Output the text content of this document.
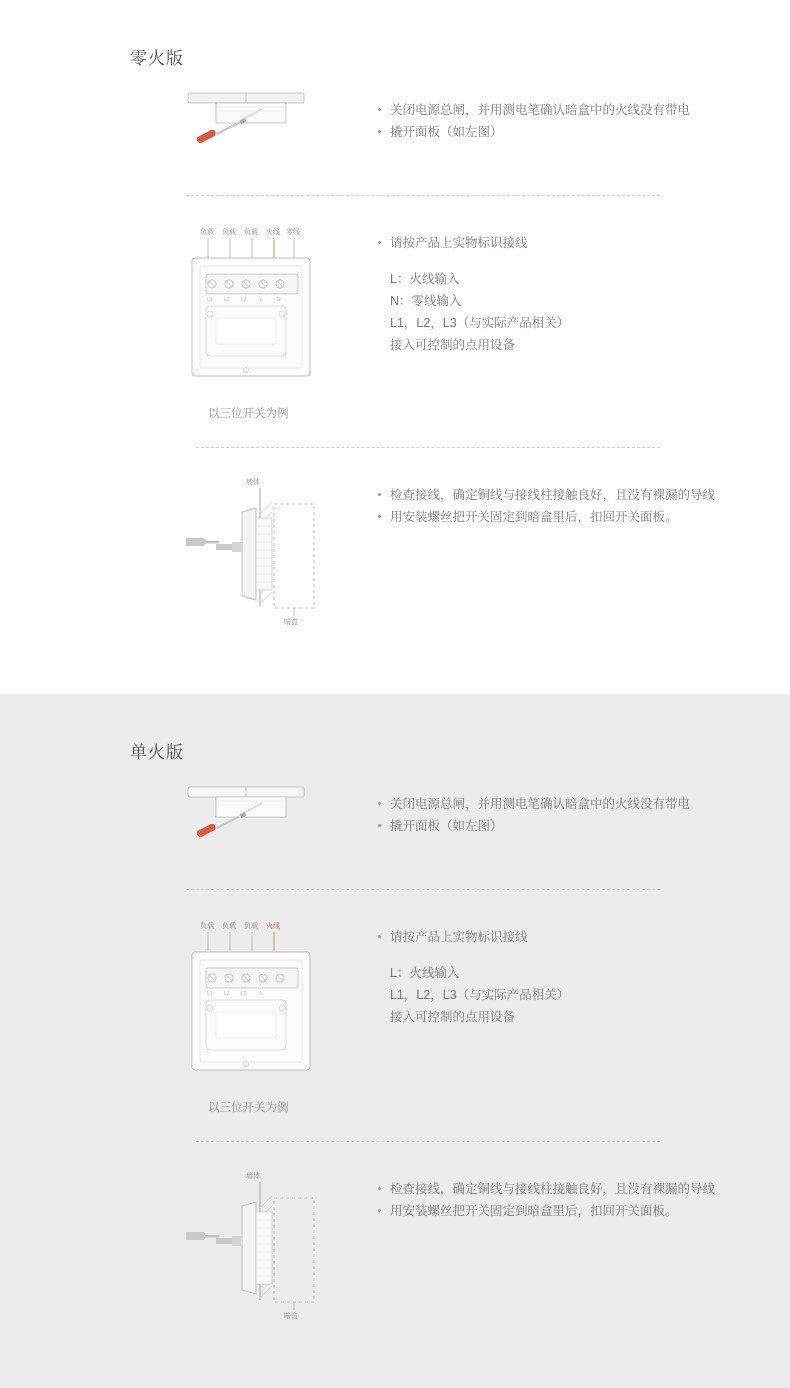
零火版
关闭电源总闸，并用测电笔确认暗盒中的火线没有带电
撬开面板（如左图）
负载 负载 负载 火线 零线
L1 L2 L3	L	N
以三位开关为例
请按产品上实物标识接线
L：火线输入
N：零线输入
L1，L2，L3（与实际产品相关）
接入可控制的点用设备
墙体
暗盒
检查接线，确定铜线与接线柱接触良好，且没有裸漏的导线
用安装螺丝把开关固定到暗盒里后，扣回开关面板。
单火版
关闭电源总闸，并用测电笔确认暗盒中的火线没有带电
撬开面板（如左图）
负载 负载 负载 火线
L1 L2 L3	L
以三位开关为例
请按产品上实物标识接线
L：火线输入
L1，L2，L3（与实际产品相关）
接入可控制的点用设备
墙体
暗盒
检查接线，确定铜线与接线柱接触良好，且没有裸漏的导线
用安装螺丝把开关固定到暗盒里后，扣回开关面板。
